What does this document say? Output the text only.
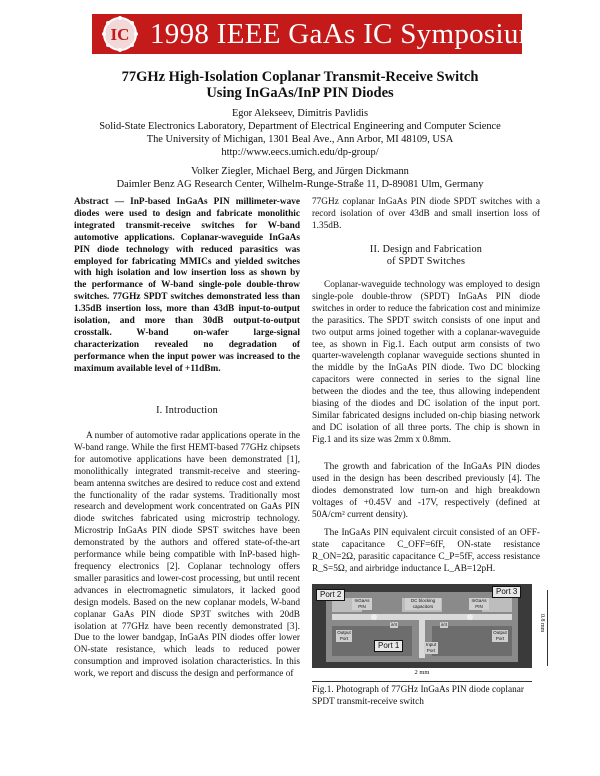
IC 1998 IEEE GaAs IC Symposium
77GHz High-Isolation Coplanar Transmit-Receive Switch
Using InGaAs/InP PIN Diodes
Egor Alekseev, Dimitris Pavlidis
Solid-State Electronics Laboratory, Department of Electrical Engineering and Computer Science
The University of Michigan, 1301 Beal Ave., Ann Arbor, MI 48109, USA
http://www.eecs.umich.edu/dp-group/
Volker Ziegler, Michael Berg, and Jürgen Dickmann
Daimler Benz AG Research Center, Wilhelm-Runge-Straße 11, D-89081 Ulm, Germany
Abstract — InP-based InGaAs PIN millimeter-wave diodes were used to design and fabricate monolithic integrated transmit-receive switches for W-band automotive applications. Coplanar-waveguide InGaAs PIN diode technology with reduced parasitics was employed for fabricating MMICs and yielded switches with high isolation and low insertion loss as shown by the performance of W-band single-pole double-throw switches. 77GHz SPDT switches demonstrated less than 1.35dB insertion loss, more than 43dB input-to-output isolation, and more than 30dB output-to-output crosstalk. W-band on-wafer large-signal characterization revealed no degradation of performance when the input power was increased to the maximum available level of +11dBm.
I. Introduction

A number of automotive radar applications operate in the W-band range. While the first HEMT-based 77GHz chipsets for automotive applications have been demonstrated [1], monolithically integrated transmit-receive and steering-beam antenna switches are desired to reduce cost and extend the functionality of the radar systems. Traditionally most research and development work concentrated on GaAs PIN diode switches fabricated using microstrip technology. Microstrip InGaAs PIN diode SPST switches have been demonstrated by the authors and offered state-of-the-art performance while being compatible with InP-based high-frequency electronics [2]. Coplanar technology offers smaller parasitics and lower-cost processing, but until recent advances in electromagnetic simulators, it lacked good design models. Based on the new coplanar models, W-band coplanar GaAs PIN diode SP3T switches with 20dB isolation at 77GHz have been recently demonstrated [3]. Due to the lower bandgap, InGaAs PIN diodes offer lower ON-state resistance, which leads to reduced power consumption and improved isolation characteristics. In this work, we report and discuss the design and performance of

77GHz coplanar InGaAs PIN diode SPDT switches with a record isolation of over 43dB and small insertion loss of 1.35dB.

II. Design and Fabrication
of SPDT Switches

Coplanar-waveguide technology was employed to design single-pole double-throw (SPDT) InGaAs PIN diode switches in order to reduce the fabrication cost and minimize the parasitics. The SPDT switch consists of one input and two output arms joined together with a coplanar-waveguide tee, as shown in Fig.1. Each output arm consists of two quarter-wavelength coplanar waveguide sections shunted in the middle by the InGaAs PIN diode. Two DC blocking capacitors were connected in series to the signal line between the diodes and the tee, thus allowing independent biasing of the diodes and DC isolation of the input port. Similar fabricated designs included on-chip biasing network and DC isolation of all three ports. The chip is shown in Fig.1 and its size was 2mm x 0.8mm.

The growth and fabrication of the InGaAs PIN diodes used in the design has been described previously [4]. The diodes demonstrated low turn-on and high breakdown voltages of +0.45V and -17V, respectively (defined at 50A/cm² current density).

The InGaAs PIN equivalent circuit consisted of an OFF-state capacitance C_OFF=6fF, ON-state resistance R_ON=2Ω, parasitic capacitance C_P=5fF, access resistance R_S=5Ω, and airbridge inductance L_AB=12pH.

Port 2	Port 3
Port 1
InGaAs PIN
InGaAs PIN
DC blocking capacitors
λ/4	λ/4
Output Port
Output Port
Input Port
0.8 mm
2 mm
Fig.1. Photograph of 77GHz InGaAs PIN diode coplanar SPDT transmit-receive switch
